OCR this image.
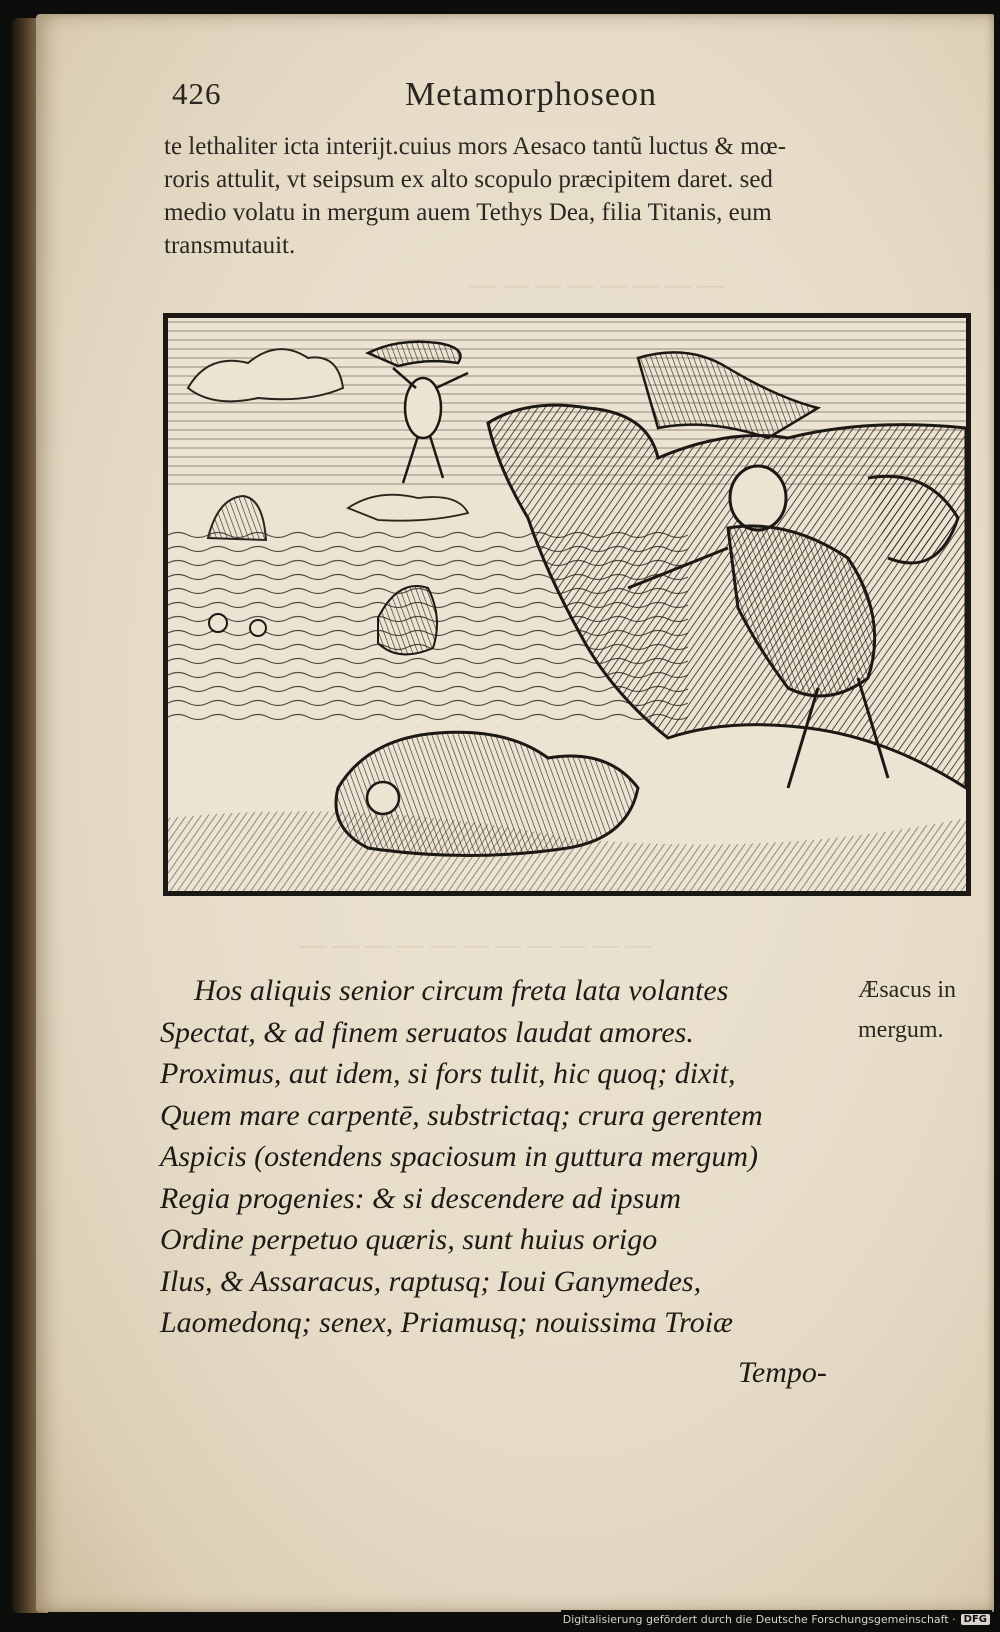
— — — — — — — —
— — — — — — — — — — —
426	Metamorphoseon
te lethaliter icta interijt.cuius mors Aesaco tantũ luctus & mœ-
roris attulit, vt seipsum ex alto scopulo præcipitem daret. sed
medio volatu in mergum auem Tethys Dea, filia Titanis, eum
transmutauit.
Hos aliquis senior circum freta lata volantes
Spectat, & ad finem seruatos laudat amores.
Proximus, aut idem, si fors tulit, hic quoq; dixit,
Quem mare carpentē, substrictaq; crura gerentem
Aspicis (ostendens spaciosum in guttura mergum)
Regia progenies: & si descendere ad ipsum
Ordine perpetuo quæris, sunt huius origo
Ilus, & Assaracus, raptusq; Ioui Ganymedes,
Laomedonq; senex, Priamusq; nouissima Troiæ
Tempo-
Æsacus in
mergum.
Digitalisierung gefördert durch die Deutsche Forschungsgemeinschaft · DFG
